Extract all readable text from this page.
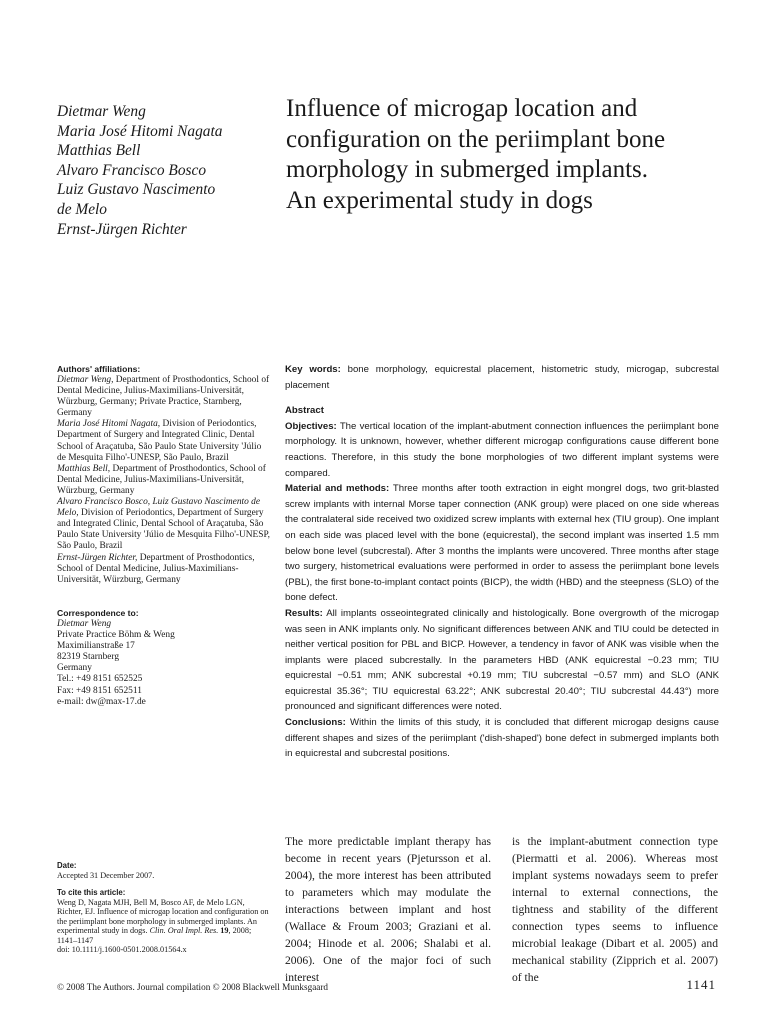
Dietmar Weng
Maria José Hitomi Nagata
Matthias Bell
Alvaro Francisco Bosco
Luiz Gustavo Nascimento
de Melo
Ernst-Jürgen Richter
Influence of microgap location and
configuration on the periimplant bone
morphology in submerged implants.
An experimental study in dogs
Authors' affiliations:

Dietmar Weng, Department of Prosthodontics, School of Dental Medicine, Julius-Maximilians-Universität, Würzburg, Germany; Private Practice, Starnberg, Germany

Maria José Hitomi Nagata, Division of Periodontics, Department of Surgery and Integrated Clinic, Dental School of Araçatuba, São Paulo State University 'Júlio de Mesquita Filho'-UNESP, São Paulo, Brazil

Matthias Bell, Department of Prosthodontics, School of Dental Medicine, Julius-Maximilians-Universität, Würzburg, Germany

Alvaro Francisco Bosco, Luiz Gustavo Nascimento de Melo, Division of Periodontics, Department of Surgery and Integrated Clinic, Dental School of Araçatuba, São Paulo State University 'Júlio de Mesquita Filho'-UNESP, São Paulo, Brazil

Ernst-Jürgen Richter, Department of Prosthodontics, School of Dental Medicine, Julius-Maximilians-Universität, Würzburg, Germany

Correspondence to:
Dietmar Weng
Private Practice Böhm & Weng
Maximilianstraße 17
82319 Starnberg
Germany
Tel.: +49 8151 652525
Fax: +49 8151 652511
e-mail: dw@max-17.de
Date:
Accepted 31 December 2007.
To cite this article:
Weng D, Nagata MJH, Bell M, Bosco AF, de Melo LGN, Richter, EJ. Influence of microgap location and configuration on the periimplant bone morphology in submerged implants. An experimental study in dogs. Clin. Oral Impl. Res. 19, 2008; 1141–1147
doi: 10.1111/j.1600-0501.2008.01564.x

Key words: bone morphology, equicrestal placement, histometric study, microgap, subcrestal placement

Abstract

Objectives: The vertical location of the implant-abutment connection influences the periimplant bone morphology. It is unknown, however, whether different microgap configurations cause different bone reactions. Therefore, in this study the bone morphologies of two different implant systems were compared.

Material and methods: Three months after tooth extraction in eight mongrel dogs, two grit-blasted screw implants with internal Morse taper connection (ANK group) were placed on one side whereas the contralateral side received two oxidized screw implants with external hex (TIU group). One implant on each side was placed level with the bone (equicrestal), the second implant was inserted 1.5 mm below bone level (subcrestal). After 3 months the implants were uncovered. Three months after stage two surgery, histometrical evaluations were performed in order to assess the periimplant bone levels (PBL), the first bone-to-implant contact points (BICP), the width (HBD) and the steepness (SLO) of the bone defect.

Results: All implants osseointegrated clinically and histologically. Bone overgrowth of the microgap was seen in ANK implants only. No significant differences between ANK and TIU could be detected in neither vertical position for PBL and BICP. However, a tendency in favor of ANK was visible when the implants were placed subcrestally. In the parameters HBD (ANK equicrestal −0.23 mm; TIU equicrestal −0.51 mm; ANK subcrestal +0.19 mm; TIU subcrestal −0.57 mm) and SLO (ANK equicrestal 35.36°; TIU equicrestal 63.22°; ANK subcrestal 20.40°; TIU subcrestal 44.43°) more pronounced and significant differences were noted.

Conclusions: Within the limits of this study, it is concluded that different microgap designs cause different shapes and sizes of the periimplant ('dish-shaped') bone defect in submerged implants both in equicrestal and subcrestal positions.

The more predictable implant therapy has become in recent years (Pjetursson et al. 2004), the more interest has been attributed to parameters which may modulate the interactions between implant and host (Wallace & Froum 2003; Graziani et al. 2004; Hinode et al. 2006; Shalabi et al. 2006). One of the major foci of such interest

is the implant-abutment connection type (Piermatti et al. 2006). Whereas most implant systems nowadays seem to prefer internal to external connections, the tightness and stability of the different connection types seems to influence microbial leakage (Dibart et al. 2005) and mechanical stability (Zipprich et al. 2007) of the

© 2008 The Authors. Journal compilation © 2008 Blackwell Munksgaard	1141
